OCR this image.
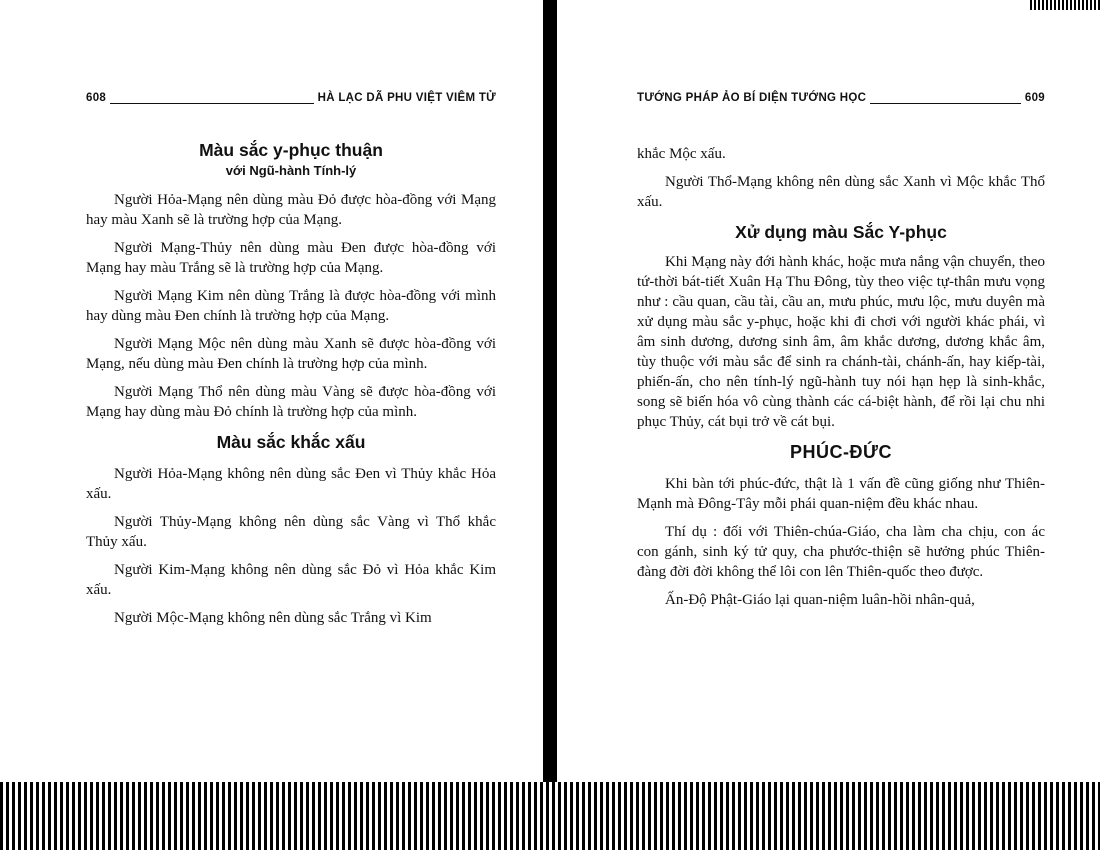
608	HÀ LẠC DÃ PHU VIỆT VIÊM TỬ
Màu sắc y-phục thuận
với Ngũ-hành Tính-lý

Người Hỏa-Mạng nên dùng màu Đỏ được hòa-đồng với Mạng hay màu Xanh sẽ là trường hợp của Mạng.

Người Mạng-Thủy nên dùng màu Đen được hòa-đồng với Mạng hay màu Trắng sẽ là trường hợp của Mạng.

Người Mạng Kim nên dùng Trắng là được hòa-đồng với mình hay dùng màu Đen chính là trường hợp của Mạng.

Người Mạng Mộc nên dùng màu Xanh sẽ được hòa-đồng với Mạng, nếu dùng màu Đen chính là trường hợp của mình.

Người Mạng Thổ nên dùng màu Vàng sẽ được hòa-đồng với Mạng hay dùng màu Đỏ chính là trường hợp của mình.

Màu sắc khắc xấu

Người Hỏa-Mạng không nên dùng sắc Đen vì Thủy khắc Hỏa xấu.

Người Thủy-Mạng không nên dùng sắc Vàng vì Thổ khắc Thủy xấu.

Người Kim-Mạng không nên dùng sắc Đỏ vì Hỏa khắc Kim xấu.

Người Mộc-Mạng không nên dùng sắc Trắng vì Kim

TƯỚNG PHÁP ẢO BÍ DIỆN TƯỚNG HỌC	609

khắc Mộc xấu.

Người Thổ-Mạng không nên dùng sắc Xanh vì Mộc khắc Thổ xấu.

Xử dụng màu Sắc Y-phục

Khi Mạng này đới hành khác, hoặc mưa nắng vận chuyển, theo tứ-thời bát-tiết Xuân Hạ Thu Đông, tùy theo việc tự-thân mưu vọng như : cầu quan, cầu tài, cầu an, mưu phúc, mưu lộc, mưu duyên mà xử dụng màu sắc y-phục, hoặc khi đi chơi với người khác phái, vì âm sinh dương, dương sinh âm, âm khắc dương, dương khắc âm, tùy thuộc với màu sắc để sinh ra chánh-tài, chánh-ấn, hay kiếp-tài, phiến-ấn, cho nên tính-lý ngũ-hành tuy nói hạn hẹp là sinh-khắc, song sẽ biến hóa vô cùng thành các cá-biệt hành, để rồi lại chu nhi phục Thủy, cát bụi trở về cát bụi.

PHÚC-ĐỨC

Khi bàn tới phúc-đức, thật là 1 vấn đề cũng giống như Thiên-Mạnh mà Đông-Tây mỗi phái quan-niệm đều khác nhau.

Thí dụ : đối với Thiên-chúa-Giáo, cha làm cha chịu, con ác con gánh, sinh ký tử quy, cha phước-thiện sẽ hưởng phúc Thiên-đàng đời đời không thể lôi con lên Thiên-quốc theo được.

Ấn-Độ Phật-Giáo lại quan-niệm luân-hồi nhân-quả,
